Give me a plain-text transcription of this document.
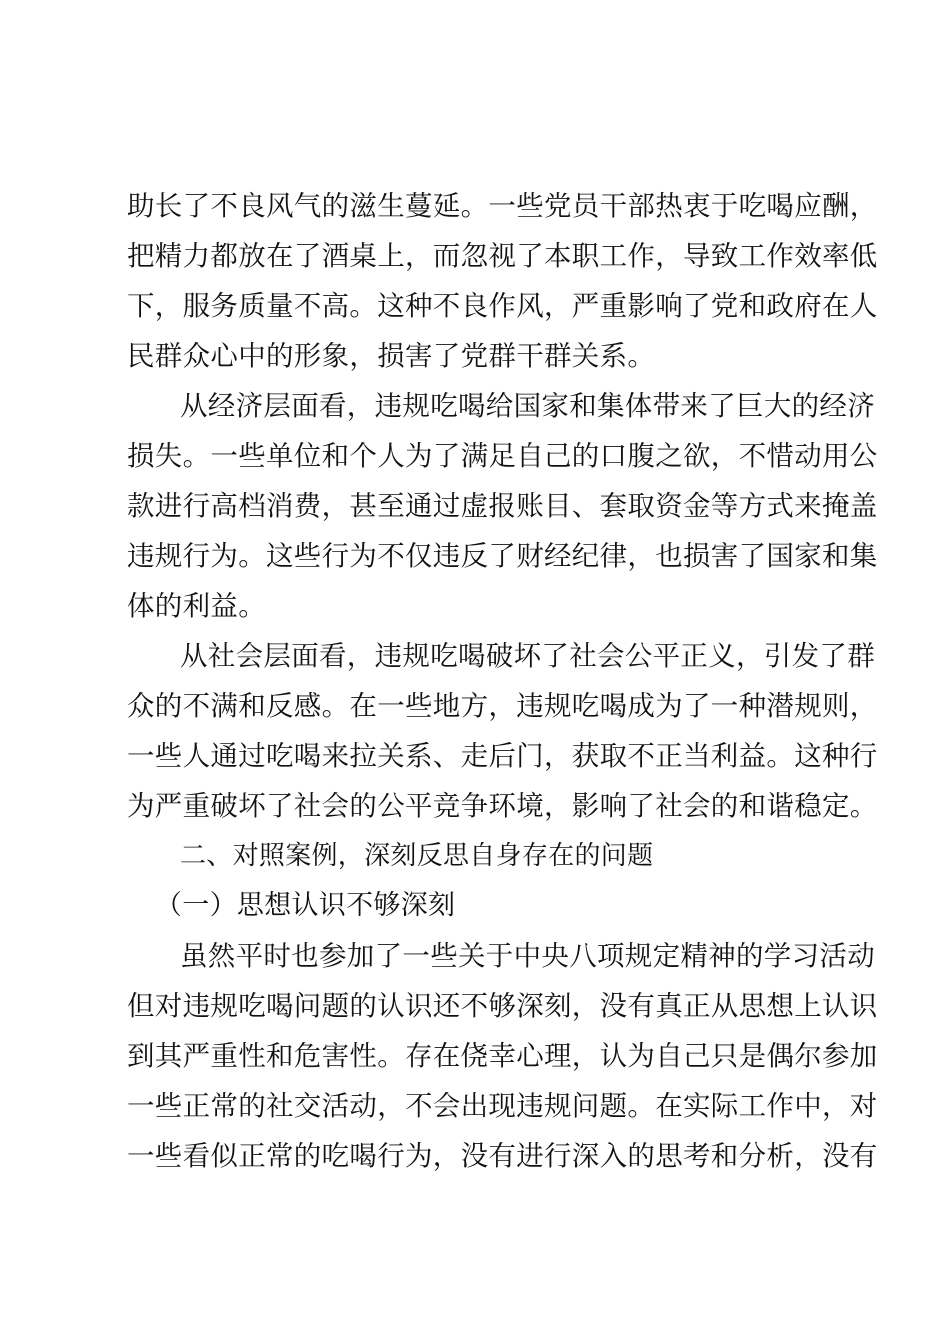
助长了不良风气的滋生蔓延。一些党员干部热衷于吃喝应酬，
把精力都放在了酒桌上，而忽视了本职工作，导致工作效率低
下，服务质量不高。这种不良作风，严重影响了党和政府在人
民群众心中的形象，损害了党群干群关系。
从经济层面看，违规吃喝给国家和集体带来了巨大的经济
损失。一些单位和个人为了满足自己的口腹之欲，不惜动用公
款进行高档消费，甚至通过虚报账目、套取资金等方式来掩盖
违规行为。这些行为不仅违反了财经纪律，也损害了国家和集
体的利益。
从社会层面看，违规吃喝破坏了社会公平正义，引发了群
众的不满和反感。在一些地方，违规吃喝成为了一种潜规则，
一些人通过吃喝来拉关系、走后门，获取不正当利益。这种行
为严重破坏了社会的公平竞争环境，影响了社会的和谐稳定。
二、对照案例，深刻反思自身存在的问题
（一）思想认识不够深刻
虽然平时也参加了一些关于中央八项规定精神的学习活动
但对违规吃喝问题的认识还不够深刻，没有真正从思想上认识
到其严重性和危害性。存在侥幸心理，认为自己只是偶尔参加
一些正常的社交活动，不会出现违规问题。在实际工作中，对
一些看似正常的吃喝行为，没有进行深入的思考和分析，没有
